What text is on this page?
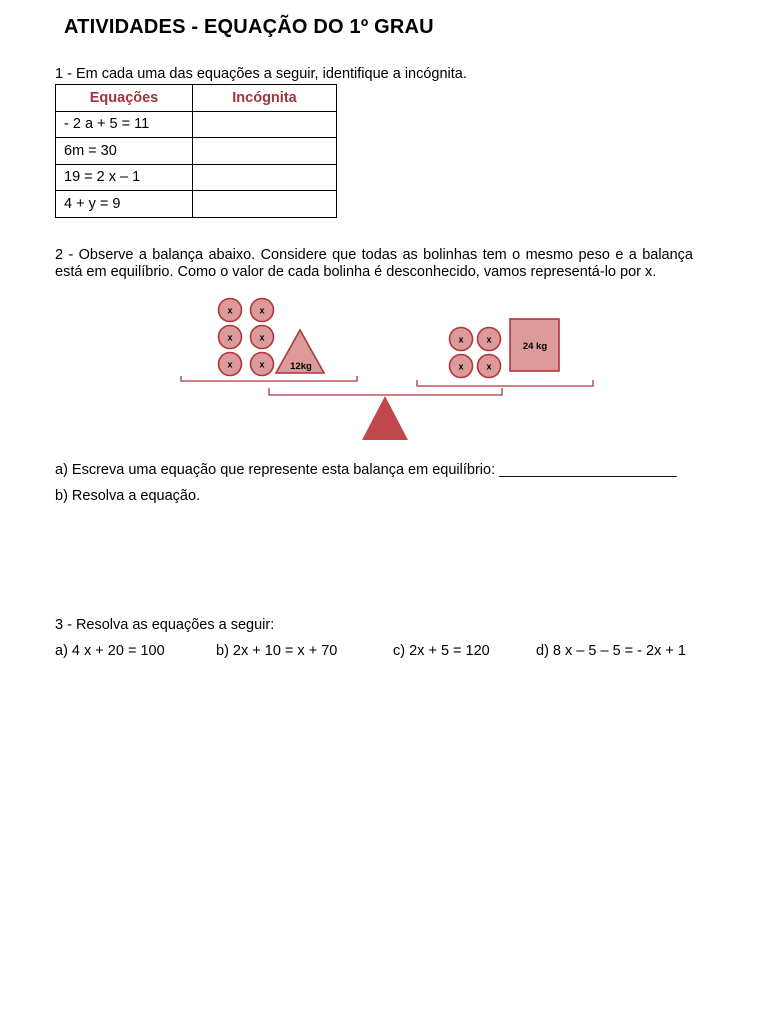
ATIVIDADES - EQUAÇÃO DO 1º GRAU
1 - Em cada uma das equações a seguir, identifique a incógnita.
Equações	Incógnita
- 2 a + 5 = 11	
6m = 30	
19 = 2 x – 1	
4 + y = 9	
2 - Observe a balança abaixo. Considere que todas as bolinhas tem o mesmo peso e a balança está em equilíbrio. Como o valor de cada bolinha é desconhecido, vamos representá-lo por x.
x	x
x	x
x	x	12kg
x	x
x	x
24 kg
a) Escreva uma equação que represente esta balança em equilíbrio: ______________________
b) Resolva a equação.
3 - Resolva as equações a seguir:
a) 4 x + 20 = 100	b) 2x + 10 = x + 70	c) 2x + 5 = 120	d) 8 x – 5 – 5 = - 2x + 1
